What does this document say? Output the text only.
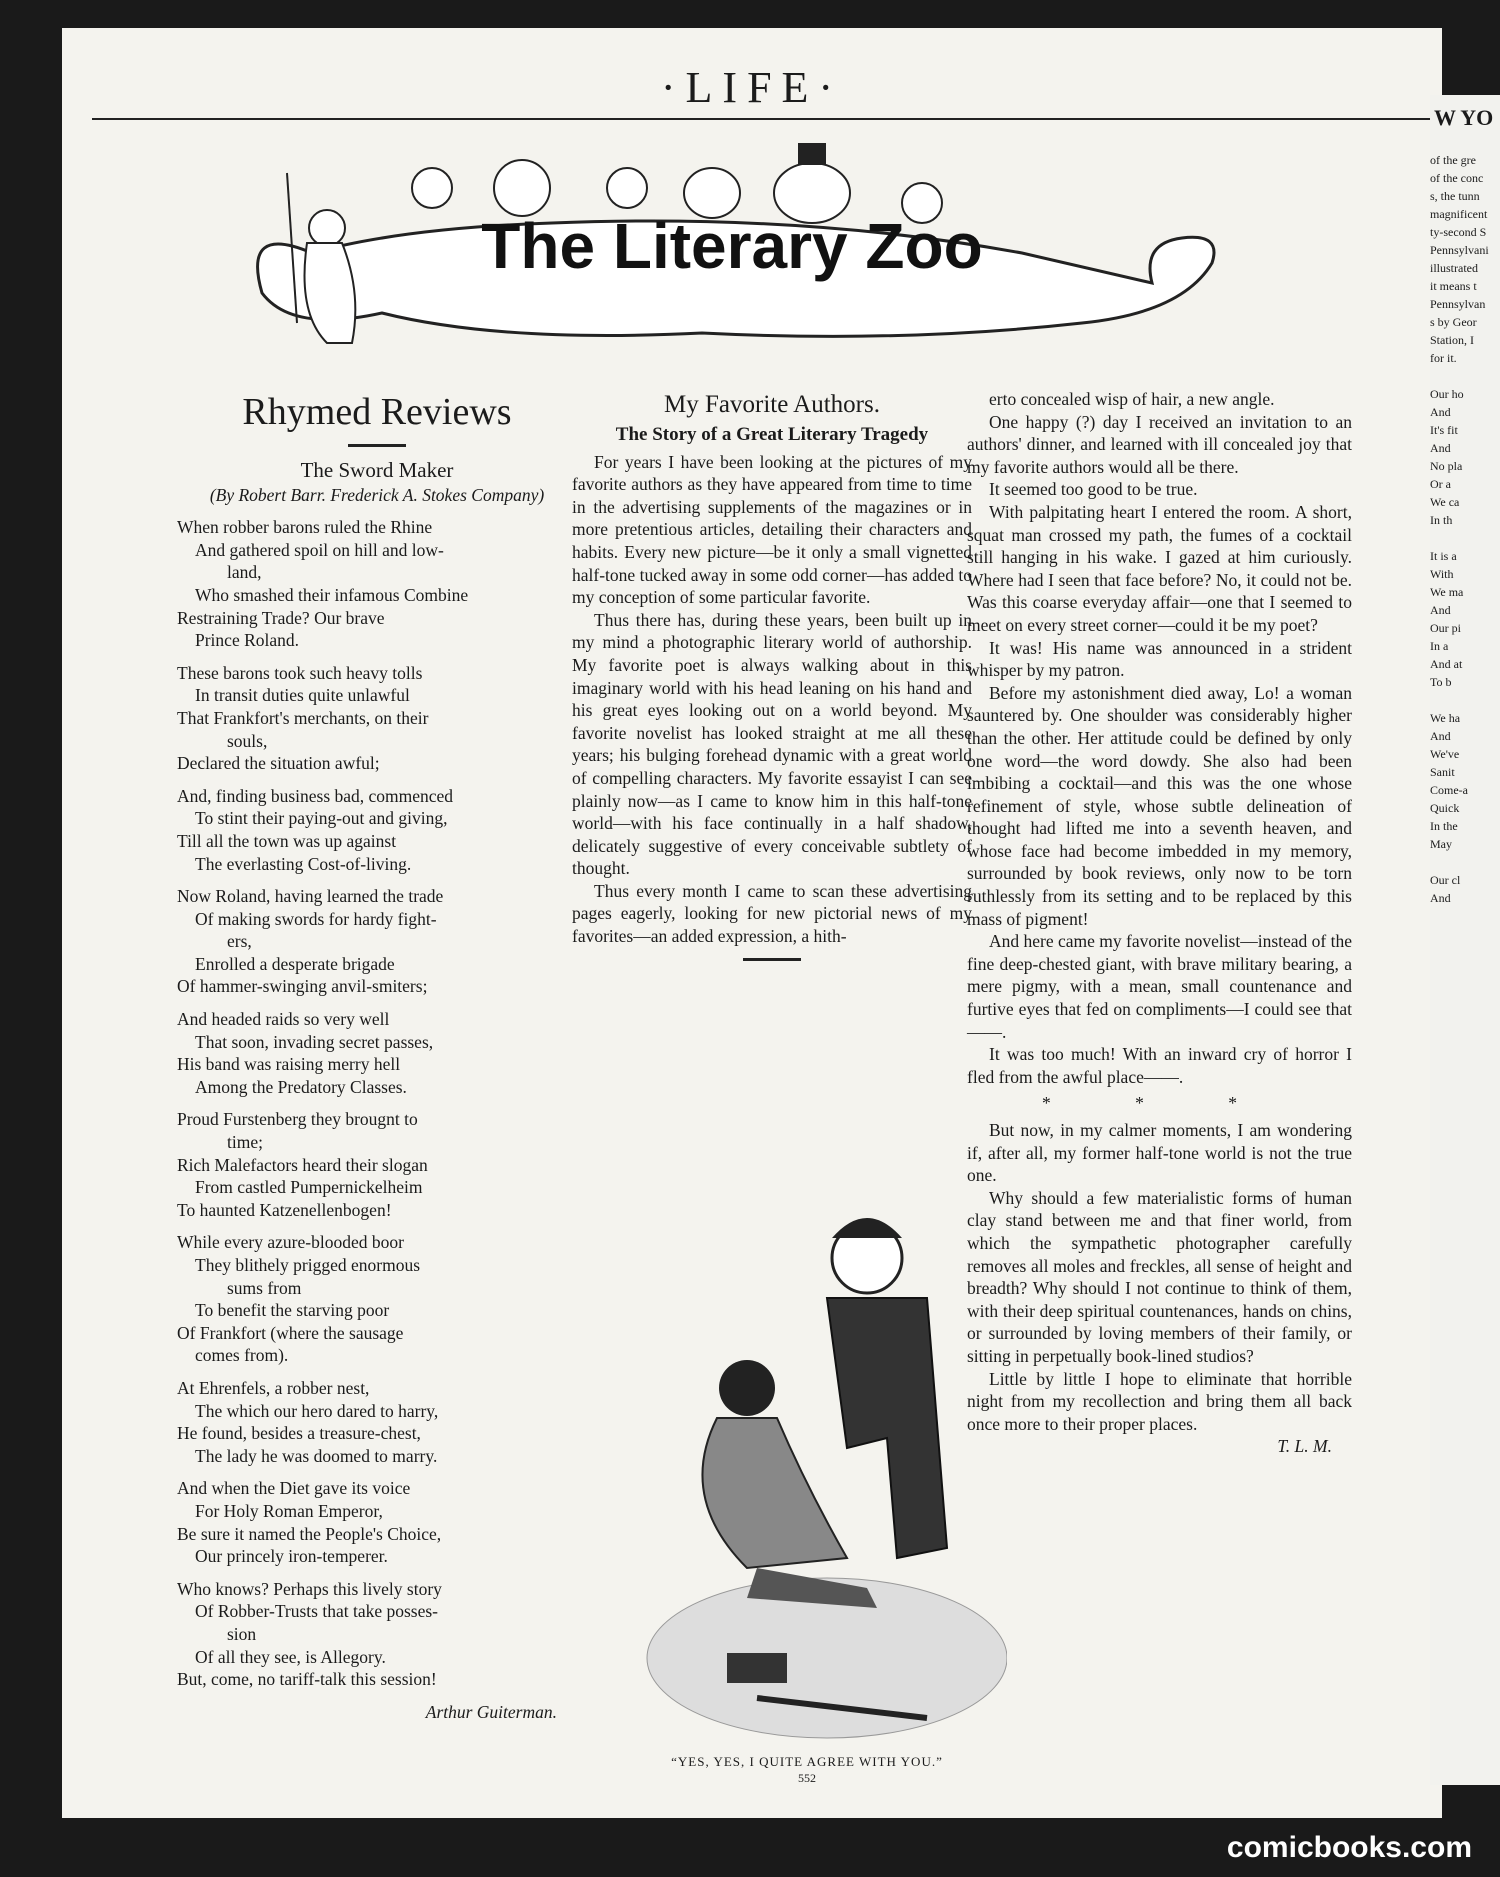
·LIFE·
The Literary Zoo
Rhymed Reviews
The Sword Maker
(By Robert Barr. Frederick A. Stokes Company)
When robber barons ruled the Rhine
And gathered spoil on hill and low-
land,
Who smashed their infamous Combine
Restraining Trade? Our brave
Prince Roland.
These barons took such heavy tolls
In transit duties quite unlawful
That Frankfort's merchants, on their
souls,
Declared the situation awful;
And, finding business bad, commenced
To stint their paying-out and giving,
Till all the town was up against
The everlasting Cost-of-living.
Now Roland, having learned the trade
Of making swords for hardy fight-
ers,
Enrolled a desperate brigade
Of hammer-swinging anvil-smiters;
And headed raids so very well
That soon, invading secret passes,
His band was raising merry hell
Among the Predatory Classes.
Proud Furstenberg they brougnt to
time;
Rich Malefactors heard their slogan
From castled Pumpernickelheim
To haunted Katzenellenbogen!
While every azure-blooded boor
They blithely prigged enormous
sums from
To benefit the starving poor
Of Frankfort (where the sausage
comes from).
At Ehrenfels, a robber nest,
The which our hero dared to harry,
He found, besides a treasure-chest,
The lady he was doomed to marry.
And when the Diet gave its voice
For Holy Roman Emperor,
Be sure it named the People's Choice,
Our princely iron-temperer.
Who knows? Perhaps this lively story
Of Robber-Trusts that take posses-
sion
Of all they see, is Allegory.
But, come, no tariff-talk this session!
Arthur Guiterman.
My Favorite Authors.
The Story of a Great Literary Tragedy

For years I have been looking at the pictures of my favorite authors as they have appeared from time to time in the advertising supplements of the magazines or in more pretentious articles, detailing their characters and habits. Every new picture—be it only a small vignetted half-tone tucked away in some odd corner—has added to my conception of some particular favorite.

Thus there has, during these years, been built up in my mind a photographic literary world of authorship. My favorite poet is always walking about in this imaginary world with his head leaning on his hand and his great eyes looking out on a world beyond. My favorite novelist has looked straight at me all these years; his bulging forehead dynamic with a great world of compelling characters. My favorite essayist I can see plainly now—as I came to know him in this half-tone world—with his face continually in a half shadow, delicately suggestive of every conceivable subtlety of thought.

Thus every month I came to scan these advertising pages eagerly, looking for new pictorial news of my favorites—an added expression, a hith-

“YES, YES, I QUITE AGREE WITH YOU.”
552

erto concealed wisp of hair, a new angle.

One happy (?) day I received an invitation to an authors' dinner, and learned with ill concealed joy that my favorite authors would all be there.

It seemed too good to be true.

With palpitating heart I entered the room. A short, squat man crossed my path, the fumes of a cocktail still hanging in his wake. I gazed at him curiously. Where had I seen that face before? No, it could not be. Was this coarse everyday affair—one that I seemed to meet on every street corner—could it be my poet?

It was! His name was announced in a strident whisper by my patron.

Before my astonishment died away, Lo! a woman sauntered by. One shoulder was considerably higher than the other. Her attitude could be defined by only one word—the word dowdy. She also had been imbibing a cocktail—and this was the one whose refinement of style, whose subtle delineation of thought had lifted me into a seventh heaven, and whose face had become imbedded in my memory, surrounded by book reviews, only now to be torn ruthlessly from its setting and to be replaced by this mass of pigment!

And here came my favorite novelist—instead of the fine deep-chested giant, with brave military bearing, a mere pigmy, with a mean, small countenance and furtive eyes that fed on compliments—I could see that——.

It was too much! With an inward cry of horror I fled from the awful place——.

* * *

But now, in my calmer moments, I am wondering if, after all, my former half-tone world is not the true one.

Why should a few materialistic forms of human clay stand between me and that finer world, from which the sympathetic photographer carefully removes all moles and freckles, all sense of height and breadth? Why should I not continue to think of them, with their deep spiritual countenances, hands on chins, or surrounded by loving members of their family, or sitting in perpetually book-lined studios?

Little by little I hope to eliminate that horrible night from my recollection and bring them all back once more to their proper places.

T. L. M.
W YO
of the gre
of the conc
s, the tunn
magnificent
ty-second S
Pennsylvani
illustrated
it means t
Pennsylvan
s by Geor
Station, I
for it.

Our ho
And
It's fit
And
No pla
Or a
We ca
In th

It is a
With
We ma
And
Our pi
In a
And at
To b

We ha
And
We've
Sanit
Come-a
Quick
In the
May

Our cl
And
comicbooks.com
